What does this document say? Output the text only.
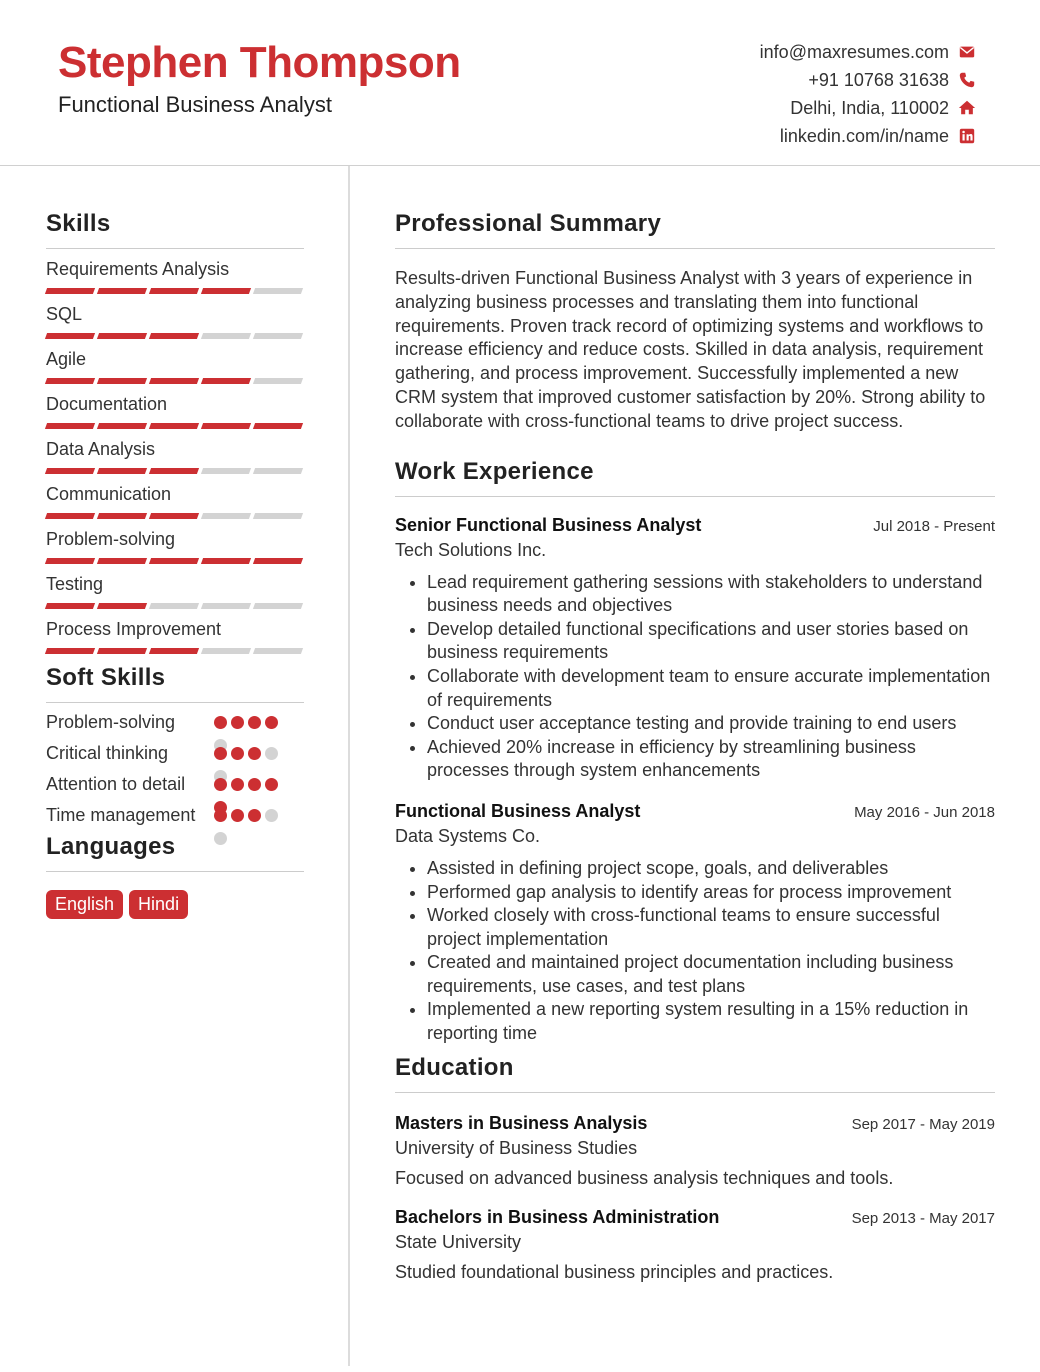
Stephen Thompson
Functional Business Analyst
info@maxresumes.com
+91 10768 31638
Delhi, India, 110002
linkedin.com/in/name
Skills
Requirements Analysis
SQL
Agile
Documentation
Data Analysis
Communication
Problem-solving
Testing
Process Improvement
Soft Skills
Problem-solving
Critical thinking
Attention to detail
Time management
Languages
English	Hindi
Professional Summary

Results-driven Functional Business Analyst with 3 years of experience in analyzing business processes and translating them into functional requirements. Proven track record of optimizing systems and workflows to increase efficiency and reduce costs. Skilled in data analysis, requirement gathering, and process improvement. Successfully implemented a new CRM system that improved customer satisfaction by 20%. Strong ability to collaborate with cross-functional teams to drive project success.

Work Experience
Senior Functional Business Analyst	Jul 2018 - Present
Tech Solutions Inc.
• Lead requirement gathering sessions with stakeholders to understand business needs and objectives
• Develop detailed functional specifications and user stories based on business requirements
• Collaborate with development team to ensure accurate implementation of requirements
• Conduct user acceptance testing and provide training to end users
• Achieved 20% increase in efficiency by streamlining business processes through system enhancements
Functional Business Analyst	May 2016 - Jun 2018
Data Systems Co.
• Assisted in defining project scope, goals, and deliverables
• Performed gap analysis to identify areas for process improvement
• Worked closely with cross-functional teams to ensure successful project implementation
• Created and maintained project documentation including business requirements, use cases, and test plans
• Implemented a new reporting system resulting in a 15% reduction in reporting time
Education
Masters in Business Analysis	Sep 2017 - May 2019
University of Business Studies
Focused on advanced business analysis techniques and tools.
Bachelors in Business Administration	Sep 2013 - May 2017
State University
Studied foundational business principles and practices.
